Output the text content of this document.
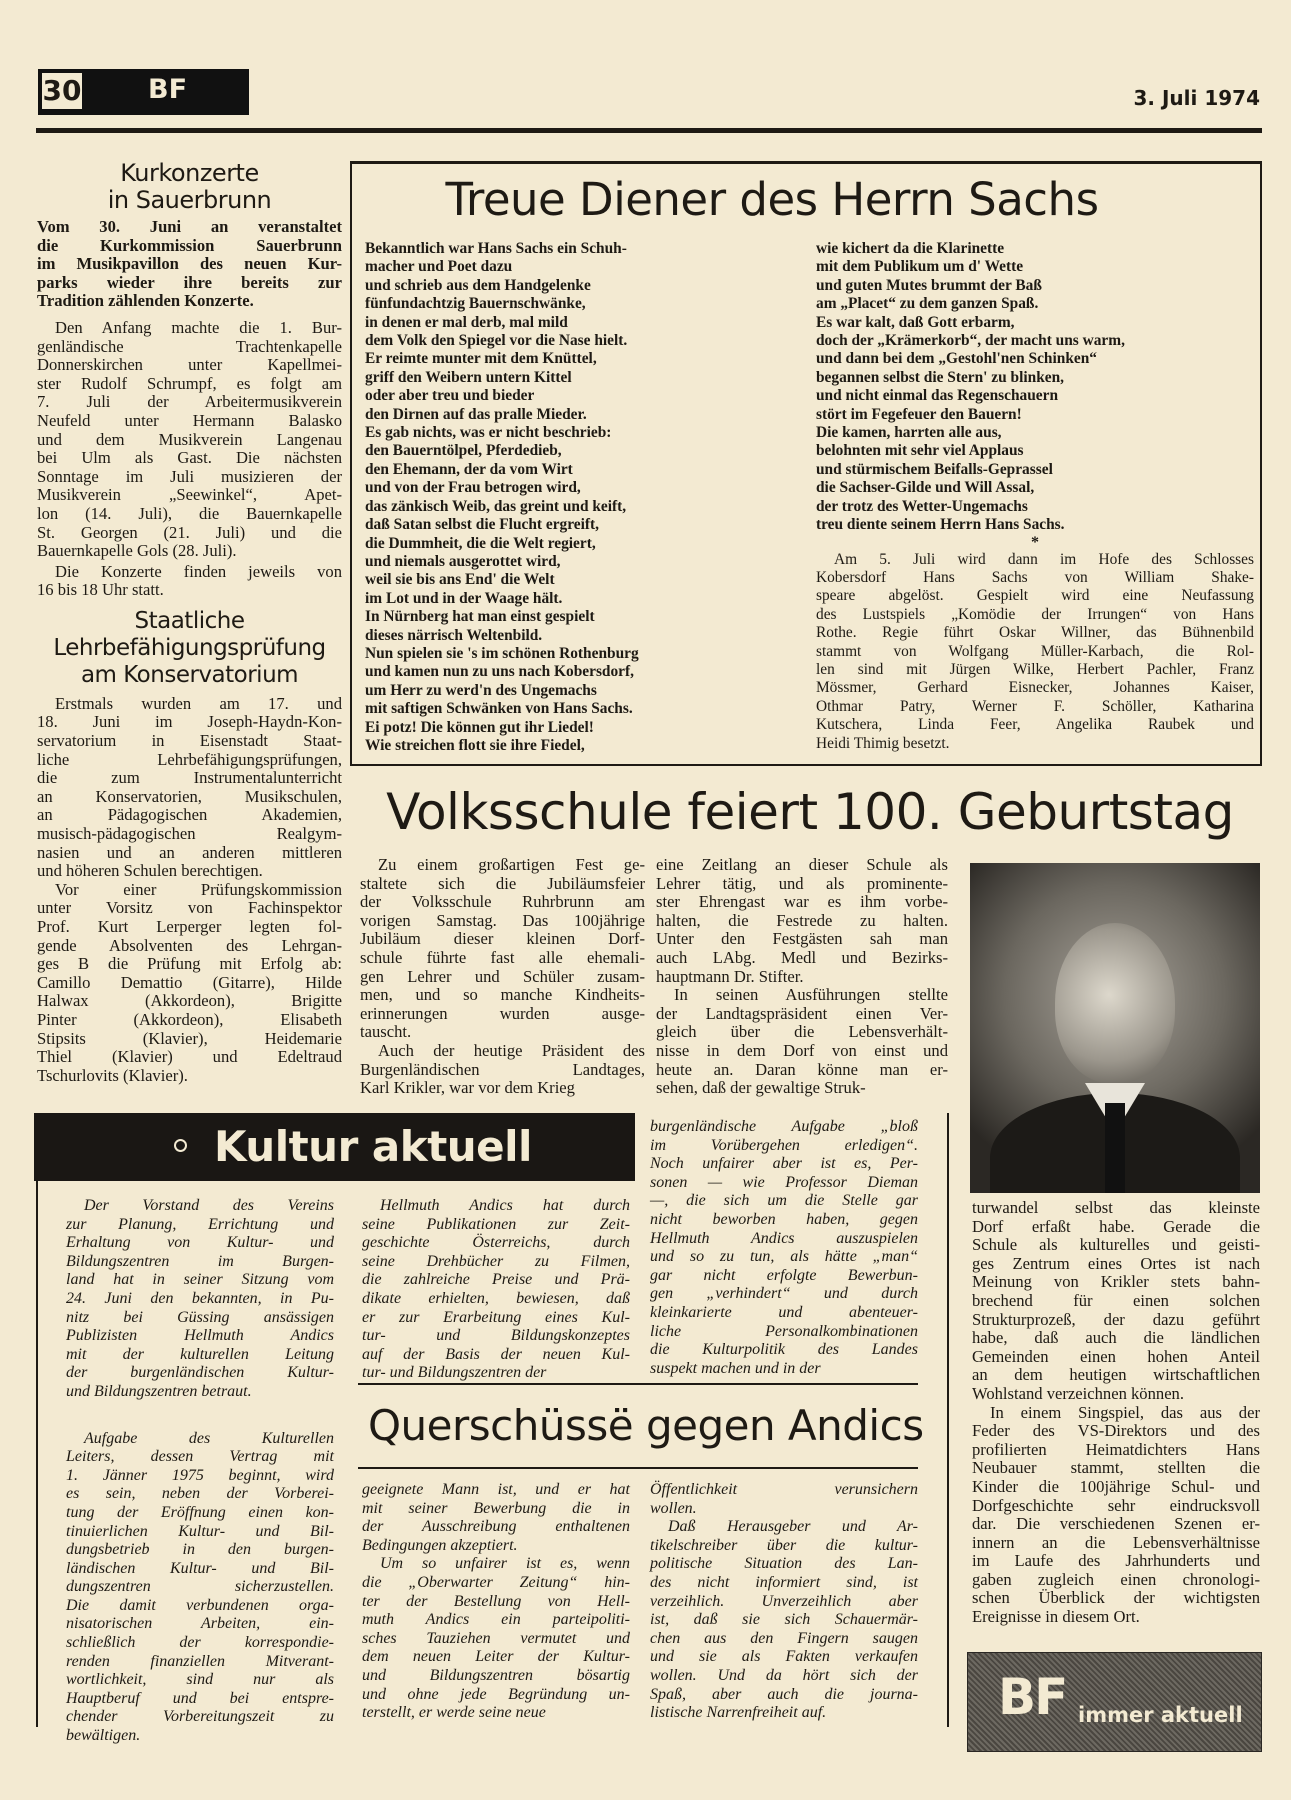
30 BF	3. Juli 1974
Kurkonzerte
in Sauerbrunn
Vom 30. Juni an veranstaltet
die Kurkommission Sauerbrunn
im Musikpavillon des neuen Kur-
parks wieder ihre bereits zur
Tradition zählenden Konzerte.
Den Anfang machte die 1. Bur-
genländische Trachtenkapelle
Donnerskirchen unter Kapellmei-
ster Rudolf Schrumpf, es folgt am
7. Juli der Arbeitermusikverein
Neufeld unter Hermann Balasko
und dem Musikverein Langenau
bei Ulm als Gast. Die nächsten
Sonntage im Juli musizieren der
Musikverein „Seewinkel“, Apet-
lon (14. Juli), die Bauernkapelle
St. Georgen (21. Juli) und die
Bauernkapelle Gols (28. Juli).
Die Konzerte finden jeweils von
16 bis 18 Uhr statt.
Staatliche
Lehrbefähigungsprüfung
am Konservatorium
Erstmals wurden am 17. und
18. Juni im Joseph-Haydn-Kon-
servatorium in Eisenstadt Staat-
liche Lehrbefähigungsprüfungen,
die zum Instrumentalunterricht
an Konservatorien, Musikschulen,
an Pädagogischen Akademien,
musisch-pädagogischen Realgym-
nasien und an anderen mittleren
und höheren Schulen berechtigen.
Vor einer Prüfungskommission
unter Vorsitz von Fachinspektor
Prof. Kurt Lerperger legten fol-
gende Absolventen des Lehrgan-
ges B die Prüfung mit Erfolg ab:
Camillo Demattio (Gitarre), Hilde
Halwax (Akkordeon), Brigitte
Pinter (Akkordeon), Elisabeth
Stipsits (Klavier), Heidemarie
Thiel (Klavier) und Edeltraud
Tschurlovits (Klavier).
Treue Diener des Herrn Sachs
Bekanntlich war Hans Sachs ein Schuh-
macher und Poet dazu
und schrieb aus dem Handgelenke
fünfundachtzig Bauernschwänke,
in denen er mal derb, mal mild
dem Volk den Spiegel vor die Nase hielt.
Er reimte munter mit dem Knüttel,
griff den Weibern untern Kittel
oder aber treu und bieder
den Dirnen auf das pralle Mieder.
Es gab nichts, was er nicht beschrieb:
den Bauerntölpel, Pferdedieb,
den Ehemann, der da vom Wirt
und von der Frau betrogen wird,
das zänkisch Weib, das greint und keift,
daß Satan selbst die Flucht ergreift,
die Dummheit, die die Welt regiert,
und niemals ausgerottet wird,
weil sie bis ans End' die Welt
im Lot und in der Waage hält.
In Nürnberg hat man einst gespielt
dieses närrisch Weltenbild.
Nun spielen sie 's im schönen Rothenburg
und kamen nun zu uns nach Kobersdorf,
um Herr zu werd'n des Ungemachs
mit saftigen Schwänken von Hans Sachs.
Ei potz! Die können gut ihr Liedel!
Wie streichen flott sie ihre Fiedel,
wie kichert da die Klarinette
mit dem Publikum um d' Wette
und guten Mutes brummt der Baß
am „Placet“ zu dem ganzen Spaß.
Es war kalt, daß Gott erbarm,
doch der „Krämerkorb“, der macht uns warm,
und dann bei dem „Gestohl'nen Schinken“
begannen selbst die Stern' zu blinken,
und nicht einmal das Regenschauern
stört im Fegefeuer den Bauern!
Die kamen, harrten alle aus,
belohnten mit sehr viel Applaus
und stürmischem Beifalls-Geprassel
die Sachser-Gilde und Will Assal,
der trotz des Wetter-Ungemachs
treu diente seinem Herrn Hans Sachs.
*
Am 5. Juli wird dann im Hofe des Schlosses
Kobersdorf Hans Sachs von William Shake-
speare abgelöst. Gespielt wird eine Neufassung
des Lustspiels „Komödie der Irrungen“ von Hans
Rothe. Regie führt Oskar Willner, das Bühnenbild
stammt von Wolfgang Müller-Karbach, die Rol-
len sind mit Jürgen Wilke, Herbert Pachler, Franz
Mössmer, Gerhard Eisnecker, Johannes Kaiser,
Othmar Patry, Werner F. Schöller, Katharina
Kutschera, Linda Feer, Angelika Raubek und
Heidi Thimig besetzt.
Volksschule feiert 100. Geburtstag
Zu einem großartigen Fest ge-
staltete sich die Jubiläumsfeier
der Volksschule Ruhrbrunn am
vorigen Samstag. Das 100jährige
Jubiläum dieser kleinen Dorf-
schule führte fast alle ehemali-
gen Lehrer und Schüler zusam-
men, und so manche Kindheits-
erinnerungen wurden ausge-
tauscht.
Auch der heutige Präsident des
Burgenländischen Landtages,
Karl Krikler, war vor dem Krieg
eine Zeitlang an dieser Schule als
Lehrer tätig, und als prominente-
ster Ehrengast war es ihm vorbe-
halten, die Festrede zu halten.
Unter den Festgästen sah man
auch LAbg. Medl und Bezirks-
hauptmann Dr. Stifter.
In seinen Ausführungen stellte
der Landtagspräsident einen Ver-
gleich über die Lebensverhält-
nisse in dem Dorf von einst und
heute an. Daran könne man er-
sehen, daß der gewaltige Struk-
turwandel selbst das kleinste
Dorf erfaßt habe. Gerade die
Schule als kulturelles und geisti-
ges Zentrum eines Ortes ist nach
Meinung von Krikler stets bahn-
brechend für einen solchen
Strukturprozeß, der dazu geführt
habe, daß auch die ländlichen
Gemeinden einen hohen Anteil
an dem heutigen wirtschaftlichen
Wohlstand verzeichnen können.
In einem Singspiel, das aus der
Feder des VS-Direktors und des
profilierten Heimatdichters Hans
Neubauer stammt, stellten die
Kinder die 100jährige Schul- und
Dorfgeschichte sehr eindrucksvoll
dar. Die verschiedenen Szenen er-
innern an die Lebensverhältnisse
im Laufe des Jahrhunderts und
gaben zugleich einen chronologi-
schen Überblick der wichtigsten
Ereignisse in diesem Ort.
Kultur aktuell
Der Vorstand des Vereins
zur Planung, Errichtung und
Erhaltung von Kultur- und
Bildungszentren im Burgen-
land hat in seiner Sitzung vom
24. Juni den bekannten, in Pu-
nitz bei Güssing ansässigen
Publizisten Hellmuth Andics
mit der kulturellen Leitung
der burgenländischen Kultur-
und Bildungszentren betraut.
Aufgabe des Kulturellen
Leiters, dessen Vertrag mit
1. Jänner 1975 beginnt, wird
es sein, neben der Vorberei-
tung der Eröffnung einen kon-
tinuierlichen Kultur- und Bil-
dungsbetrieb in den burgen-
ländischen Kultur- und Bil-
dungszentren sicherzustellen.
Die damit verbundenen orga-
nisatorischen Arbeiten, ein-
schließlich der korrespondie-
renden finanziellen Mitverant-
wortlichkeit, sind nur als
Hauptberuf und bei entspre-
chender Vorbereitungszeit zu
bewältigen.
Hellmuth Andics hat durch
seine Publikationen zur Zeit-
geschichte Österreichs, durch
seine Drehbücher zu Filmen,
die zahlreiche Preise und Prä-
dikate erhielten, bewiesen, daß
er zur Erarbeitung eines Kul-
tur- und Bildungskonzeptes
auf der Basis der neuen Kul-
tur- und Bildungszentren der
burgenländische Aufgabe „bloß
im Vorübergehen erledigen“.
Noch unfairer aber ist es, Per-
sonen — wie Professor Dieman
—, die sich um die Stelle gar
nicht beworben haben, gegen
Hellmuth Andics auszuspielen
und so zu tun, als hätte „man“
gar nicht erfolgte Bewerbun-
gen „verhindert“ und durch
kleinkarierte und abenteuer-
liche Personalkombinationen
die Kulturpolitik des Landes
suspekt machen und in der
Querschüssë gegen Andics
geeignete Mann ist, und er hat
mit seiner Bewerbung die in
der Ausschreibung enthaltenen
Bedingungen akzeptiert.
Um so unfairer ist es, wenn
die „Oberwarter Zeitung“ hin-
ter der Bestellung von Hell-
muth Andics ein parteipoliti-
sches Tauziehen vermutet und
dem neuen Leiter der Kultur-
und Bildungszentren bösartig
und ohne jede Begründung un-
terstellt, er werde seine neue
Öffentlichkeit verunsichern
wollen.
Daß Herausgeber und Ar-
tikelschreiber über die kultur-
politische Situation des Lan-
des nicht informiert sind, ist
verzeihlich. Unverzeihlich aber
ist, daß sie sich Schauermär-
chen aus den Fingern saugen
und sie als Fakten verkaufen
wollen. Und da hört sich der
Spaß, aber auch die journa-
listische Narrenfreiheit auf.	BF immer aktuell
